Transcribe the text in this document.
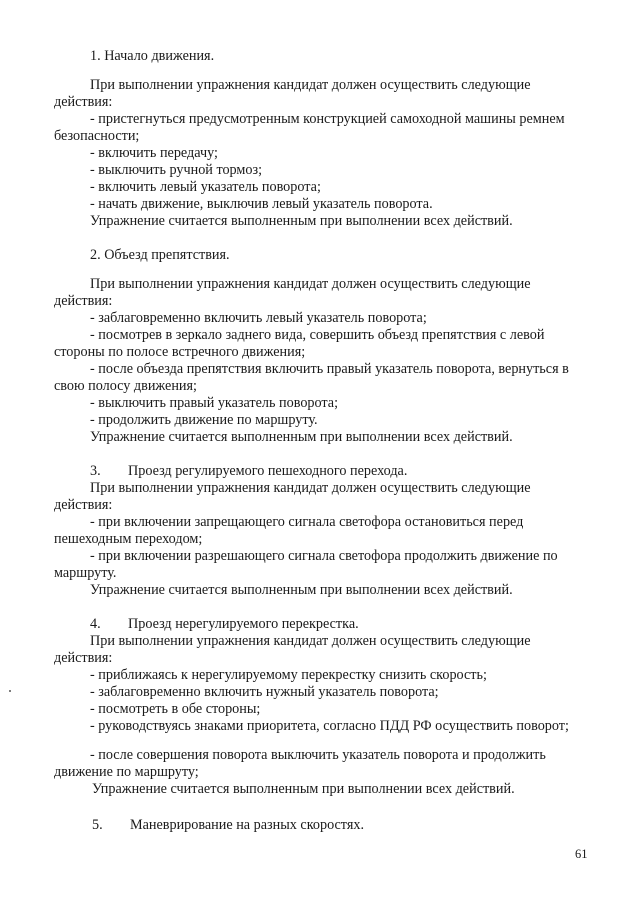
1. Начало движения.
При выполнении упражнения кандидат должен осуществить следующие
действия:
- пристегнуться предусмотренным конструкцией самоходной машины ремнем
безопасности;
- включить передачу;
- выключить ручной тормоз;
- включить левый указатель поворота;
- начать движение, выключив левый указатель поворота.
Упражнение считается выполненным при выполнении всех действий.
2. Объезд препятствия.
При выполнении упражнения кандидат должен осуществить следующие
действия:
- заблаговременно включить левый указатель поворота;
- посмотрев в зеркало заднего вида, совершить объезд препятствия с левой
стороны по полосе встречного движения;
- после объезда препятствия включить правый указатель поворота, вернуться в
свою полосу движения;
- выключить правый указатель поворота;
- продолжить движение по маршруту.
Упражнение считается выполненным при выполнении всех действий.
3. Проезд регулируемого пешеходного перехода.
При выполнении упражнения кандидат должен осуществить следующие
действия:
- при включении запрещающего сигнала светофора остановиться перед
пешеходным переходом;
- при включении разрешающего сигнала светофора продолжить движение по
маршруту.
Упражнение считается выполненным при выполнении всех действий.
4. Проезд нерегулируемого перекрестка.
При выполнении упражнения кандидат должен осуществить следующие
действия:
- приближаясь к нерегулируемому перекрестку снизить скорость;
- заблаговременно включить нужный указатель поворота;
- посмотреть в обе стороны;
- руководствуясь знаками приоритета, согласно ПДД РФ осуществить поворот;
- после совершения поворота выключить указатель поворота и продолжить
движение по маршруту;
Упражнение считается выполненным при выполнении всех действий.
5. Маневрирование на разных скоростях.
61
